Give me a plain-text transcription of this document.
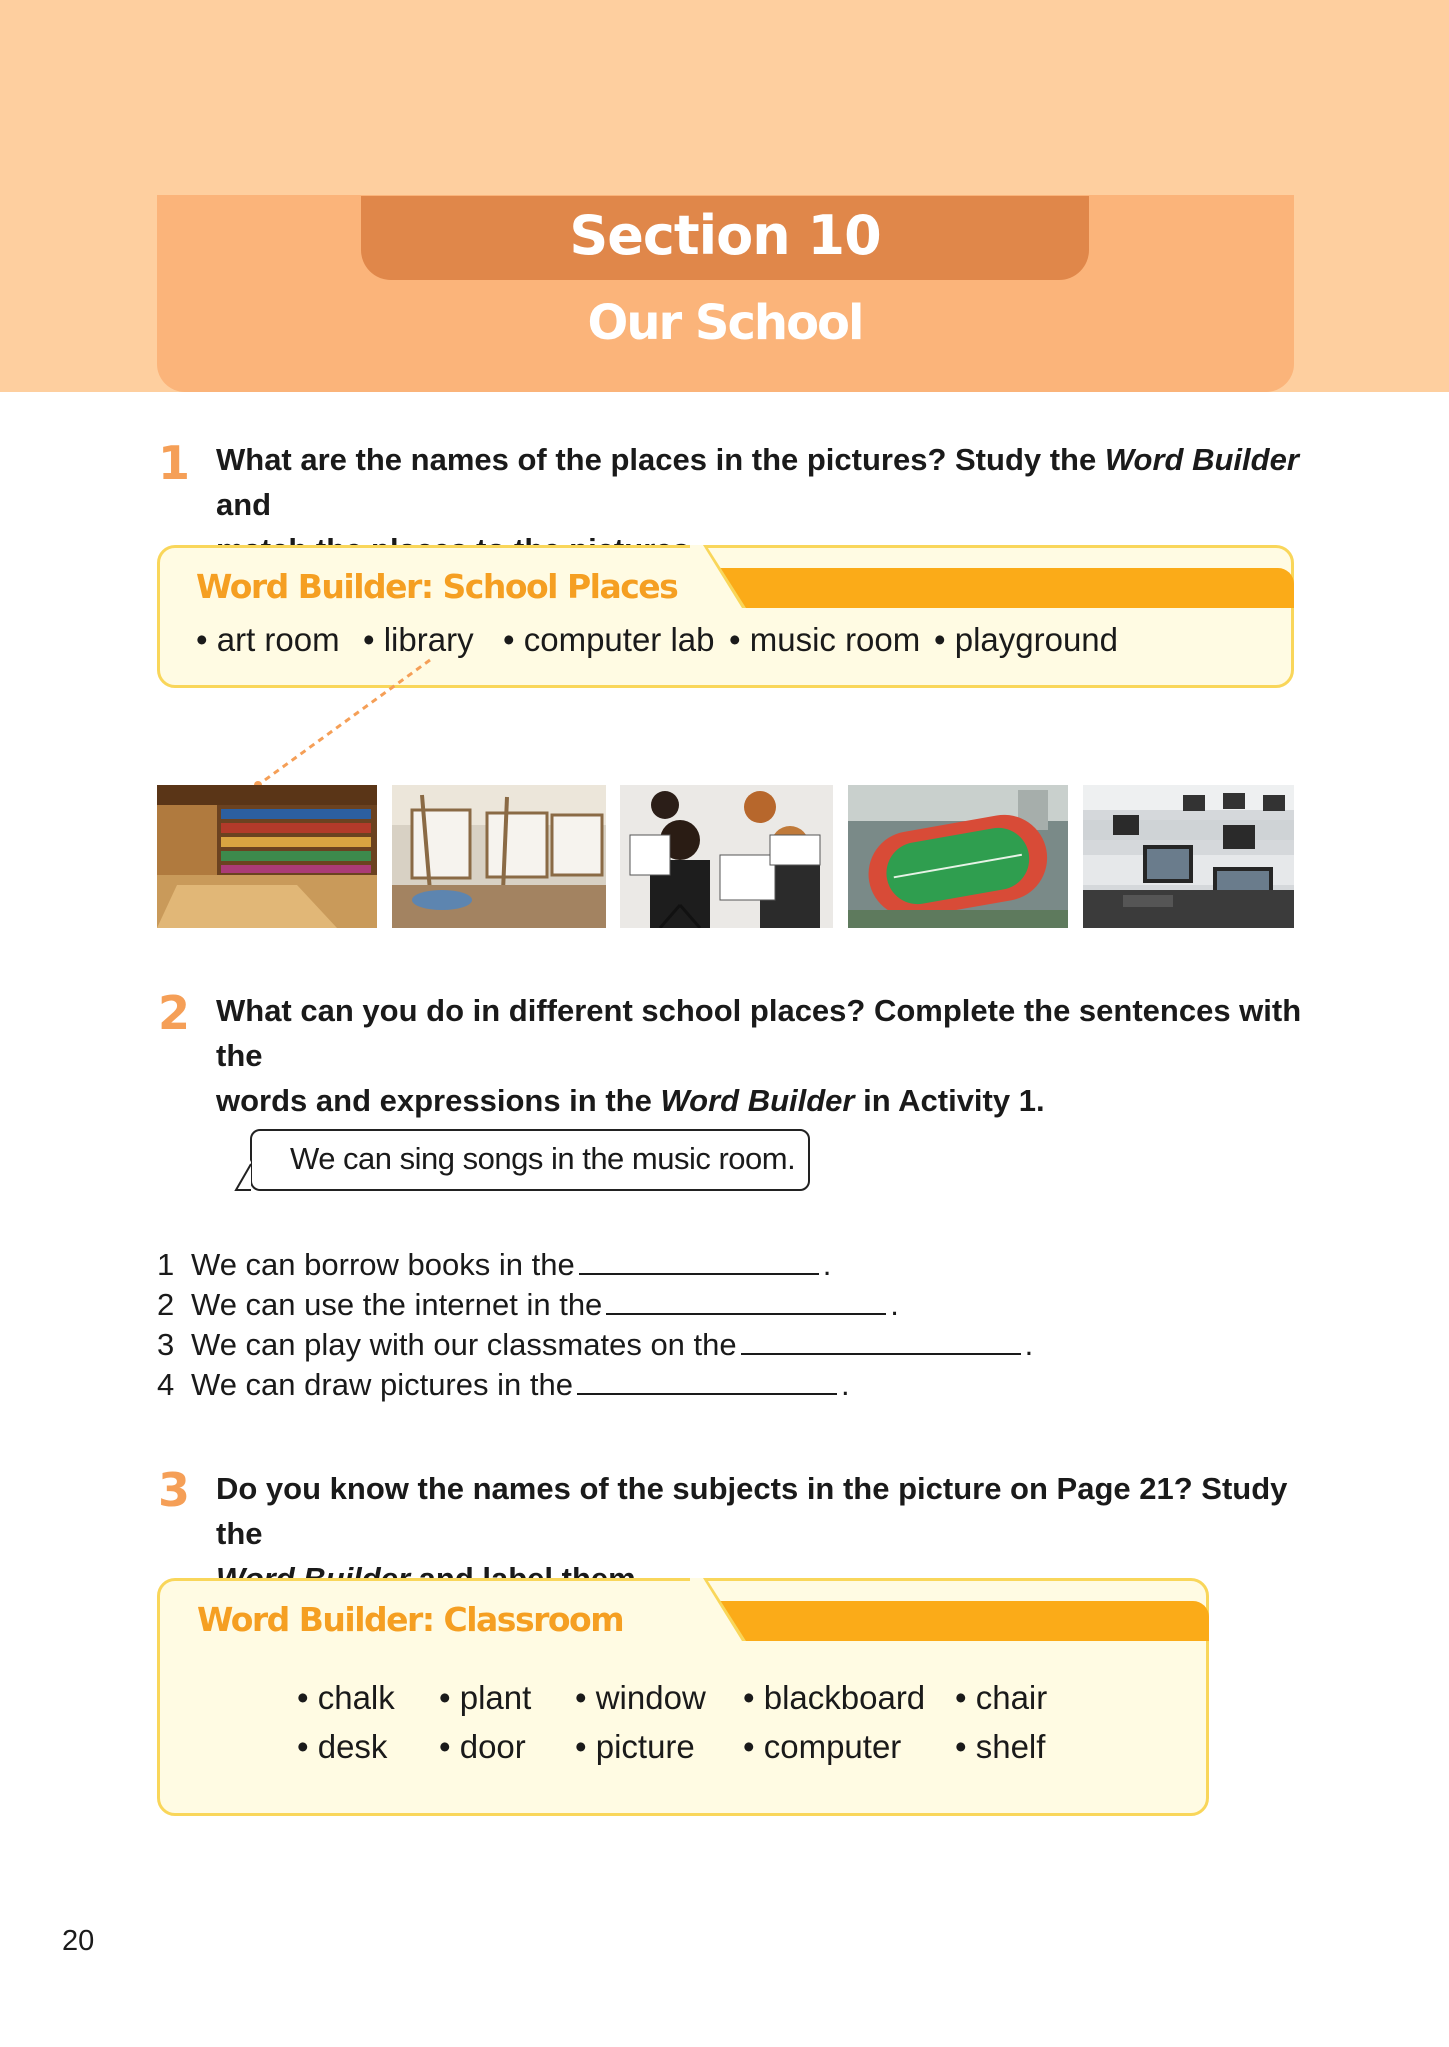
Section 10
Our School
1 What are the names of the places in the pictures? Study the Word Builder and
Word Builder: School Places
• art room • library • computer lab • music room • playground
2 What can you do in different school places? Complete the sentences with the
words and expressions in the Word Builder in Activity 1.
We can sing songs in the music room.
1 We can borrow books in the	.
2 We can use the internet in the	.
3 We can play with our classmates on the	.
4 We can draw pictures in the	.
3 Do you know the names of the subjects in the picture on Page 21? Study the
Word Builder: Classroom
• chalk • plant • window • blackboard • chair
• desk • door • picture • computer • shelf
20
